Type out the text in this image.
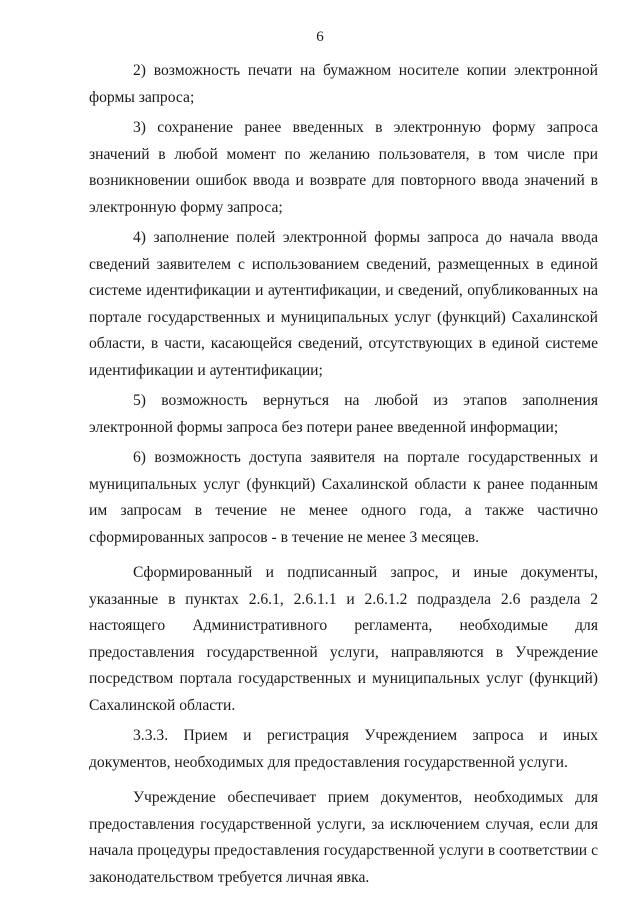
6

2) возможность печати на бумажном носителе копии электронной формы запроса;

3) сохранение ранее введенных в электронную форму запроса значений в любой момент по желанию пользователя, в том числе при возникновении ошибок ввода и возврате для повторного ввода значений в электронную форму запроса;

4) заполнение полей электронной формы запроса до начала ввода сведений заявителем с использованием сведений, размещенных в единой системе идентификации и аутентификации, и сведений, опубликованных на портале государственных и муниципальных услуг (функций) Сахалинской области, в части, касающейся сведений, отсутствующих в единой системе идентификации и аутентификации;

5) возможность вернуться на любой из этапов заполнения электронной формы запроса без потери ранее введенной информации;

6) возможность доступа заявителя на портале государственных и муниципальных услуг (функций) Сахалинской области к ранее поданным им запросам в течение не менее одного года, а также частично сформированных запросов - в течение не менее 3 месяцев.

Сформированный и подписанный запрос, и иные документы, указанные в пунктах 2.6.1, 2.6.1.1 и 2.6.1.2 подраздела 2.6 раздела 2 настоящего Административного регламента, необходимые для предоставления государственной услуги, направляются в Учреждение посредством портала государственных и муниципальных услуг (функций) Сахалинской области.

3.3.3. Прием и регистрация Учреждением запроса и иных документов, необходимых для предоставления государственной услуги.

Учреждение обеспечивает прием документов, необходимых для предоставления государственной услуги, за исключением случая, если для начала процедуры предоставления государственной услуги в соответствии с законодательством требуется личная явка.
